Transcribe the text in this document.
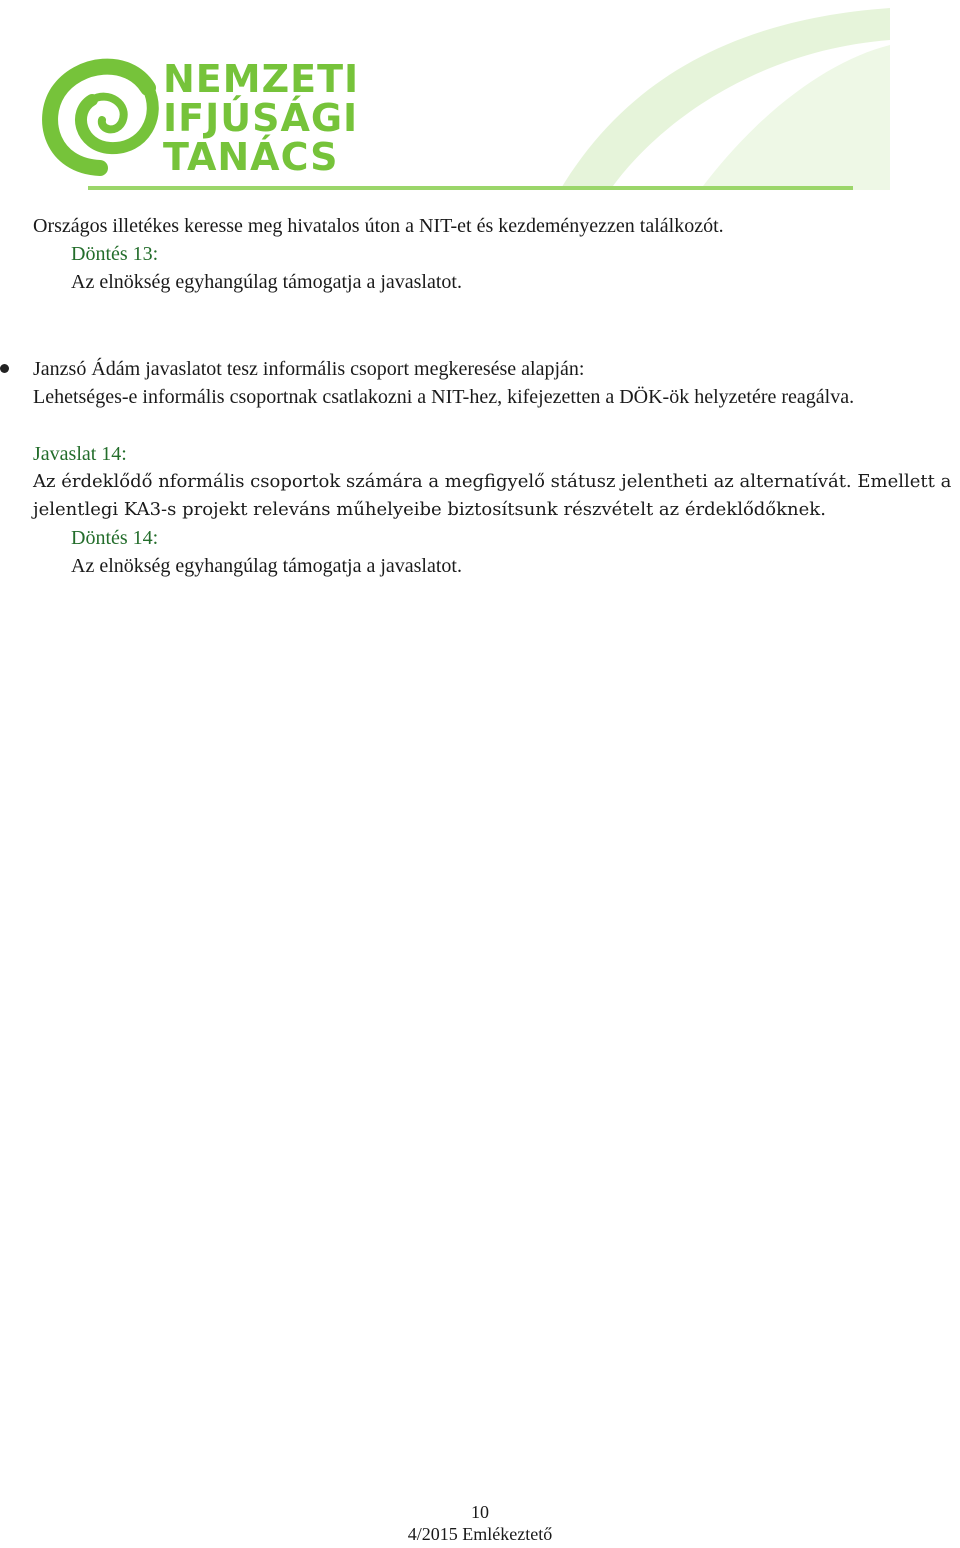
NEMZETI
IFJÚSÁGI
TANÁCS
Országos illetékes keresse meg hivatalos úton a NIT-et és kezdeményezzen találkozót.
Döntés 13:
Az elnökség egyhangúlag támogatja a javaslatot.
Janzsó Ádám javaslatot tesz informális csoport megkeresése alapján:
Lehetséges-e informális csoportnak csatlakozni a NIT-hez, kifejezetten a DÖK-ök helyzetére reagálva.
Javaslat 14:
Az érdeklődő nformális csoportok számára a megfigyelő státusz jelentheti az alternatívát. Emellett a
jelentlegi KA3-s projekt releváns műhelyeibe biztosítsunk részvételt az érdeklődőknek.
Döntés 14:
Az elnökség egyhangúlag támogatja a javaslatot.
10
4/2015 Emlékeztető
